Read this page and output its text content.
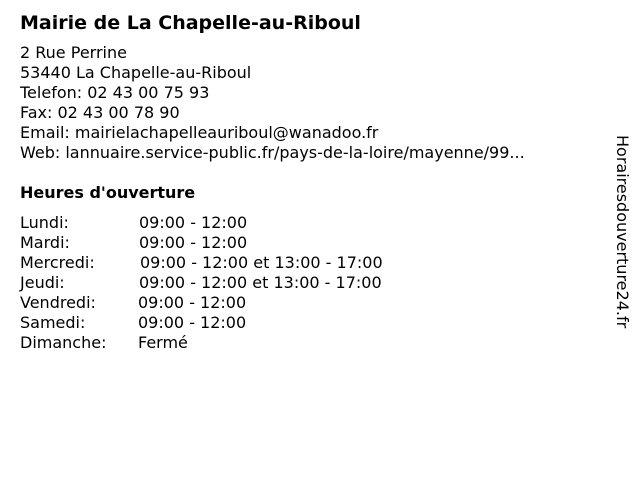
Mairie de La Chapelle-au-Riboul
2 Rue Perrine
53440 La Chapelle-au-Riboul
Telefon: 02 43 00 75 93
Fax: 02 43 00 78 90
Email: mairielachapelleauriboul@wanadoo.fr
Web: lannuaire.service-public.fr/pays-de-la-loire/mayenne/99...
Heures d'ouverture
Lundi:	09:00 - 12:00
Mardi:	09:00 - 12:00
Mercredi:	09:00 - 12:00 et 13:00 - 17:00
Jeudi:	09:00 - 12:00 et 13:00 - 17:00
Vendredi:	09:00 - 12:00
Samedi:	09:00 - 12:00
Dimanche: Fermé
Horairesdouverture24.fr
